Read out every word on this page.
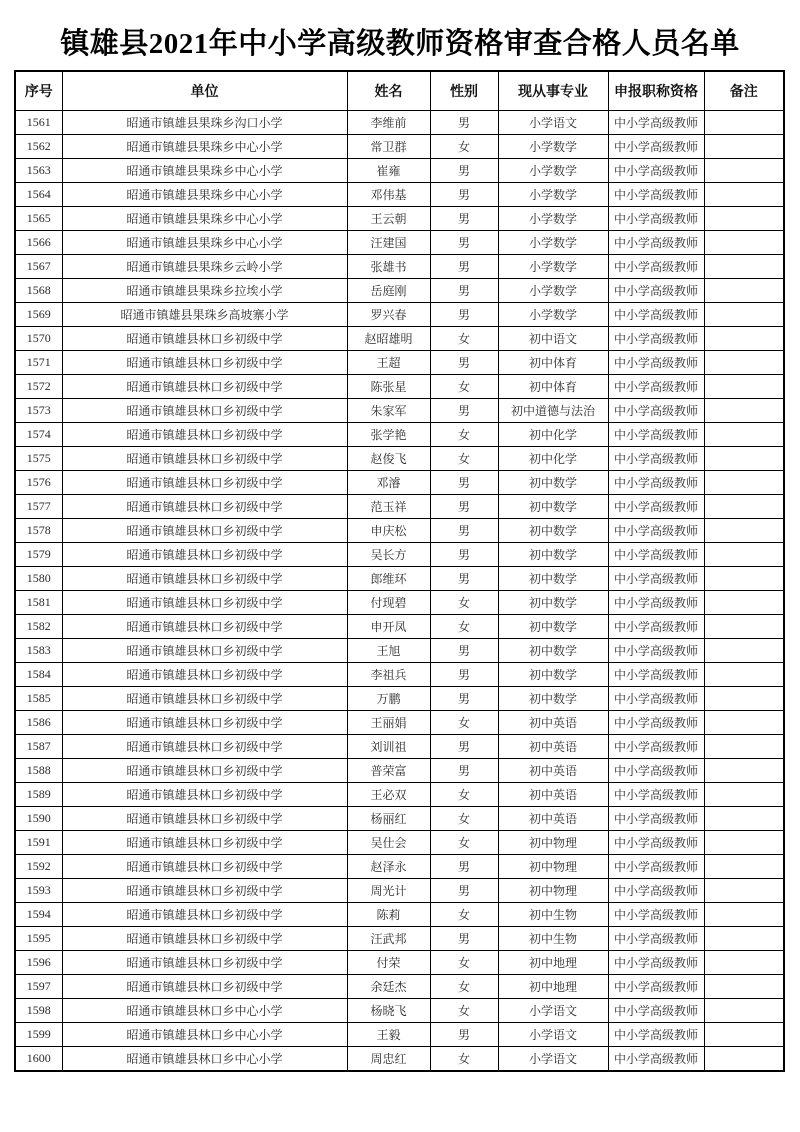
镇雄县2021年中小学高级教师资格审查合格人员名单
序号	单位	姓名	性别	现从事专业	申报职称资格	备注
1561	昭通市镇雄县果珠乡沟口小学	李维前	男	小学语文	中小学高级教师	
1562	昭通市镇雄县果珠乡中心小学	常卫群	女	小学数学	中小学高级教师	
1563	昭通市镇雄县果珠乡中心小学	崔雍	男	小学数学	中小学高级教师	
1564	昭通市镇雄县果珠乡中心小学	邓伟基	男	小学数学	中小学高级教师	
1565	昭通市镇雄县果珠乡中心小学	王云朝	男	小学数学	中小学高级教师	
1566	昭通市镇雄县果珠乡中心小学	汪建国	男	小学数学	中小学高级教师	
1567	昭通市镇雄县果珠乡云岭小学	张雄书	男	小学数学	中小学高级教师	
1568	昭通市镇雄县果珠乡拉埃小学	岳庭刚	男	小学数学	中小学高级教师	
1569	昭通市镇雄县果珠乡高坡寨小学	罗兴春	男	小学数学	中小学高级教师	
1570	昭通市镇雄县林口乡初级中学	赵昭雄明	女	初中语文	中小学高级教师	
1571	昭通市镇雄县林口乡初级中学	王超	男	初中体育	中小学高级教师	
1572	昭通市镇雄县林口乡初级中学	陈张星	女	初中体育	中小学高级教师	
1573	昭通市镇雄县林口乡初级中学	朱家军	男	初中道德与法治	中小学高级教师	
1574	昭通市镇雄县林口乡初级中学	张学艳	女	初中化学	中小学高级教师	
1575	昭通市镇雄县林口乡初级中学	赵俊飞	女	初中化学	中小学高级教师	
1576	昭通市镇雄县林口乡初级中学	邓濬	男	初中数学	中小学高级教师	
1577	昭通市镇雄县林口乡初级中学	范玉祥	男	初中数学	中小学高级教师	
1578	昭通市镇雄县林口乡初级中学	申庆松	男	初中数学	中小学高级教师	
1579	昭通市镇雄县林口乡初级中学	吴长方	男	初中数学	中小学高级教师	
1580	昭通市镇雄县林口乡初级中学	郎维环	男	初中数学	中小学高级教师	
1581	昭通市镇雄县林口乡初级中学	付现碧	女	初中数学	中小学高级教师	
1582	昭通市镇雄县林口乡初级中学	申开凤	女	初中数学	中小学高级教师	
1583	昭通市镇雄县林口乡初级中学	王旭	男	初中数学	中小学高级教师	
1584	昭通市镇雄县林口乡初级中学	李祖兵	男	初中数学	中小学高级教师	
1585	昭通市镇雄县林口乡初级中学	万鹏	男	初中数学	中小学高级教师	
1586	昭通市镇雄县林口乡初级中学	王丽娟	女	初中英语	中小学高级教师	
1587	昭通市镇雄县林口乡初级中学	刘训祖	男	初中英语	中小学高级教师	
1588	昭通市镇雄县林口乡初级中学	普荣富	男	初中英语	中小学高级教师	
1589	昭通市镇雄县林口乡初级中学	王必双	女	初中英语	中小学高级教师	
1590	昭通市镇雄县林口乡初级中学	杨丽红	女	初中英语	中小学高级教师	
1591	昭通市镇雄县林口乡初级中学	吴仕会	女	初中物理	中小学高级教师	
1592	昭通市镇雄县林口乡初级中学	赵泽永	男	初中物理	中小学高级教师	
1593	昭通市镇雄县林口乡初级中学	周光计	男	初中物理	中小学高级教师	
1594	昭通市镇雄县林口乡初级中学	陈莉	女	初中生物	中小学高级教师	
1595	昭通市镇雄县林口乡初级中学	汪武邦	男	初中生物	中小学高级教师	
1596	昭通市镇雄县林口乡初级中学	付荣	女	初中地理	中小学高级教师	
1597	昭通市镇雄县林口乡初级中学	余廷杰	女	初中地理	中小学高级教师	
1598	昭通市镇雄县林口乡中心小学	杨晓飞	女	小学语文	中小学高级教师	
1599	昭通市镇雄县林口乡中心小学	王毅	男	小学语文	中小学高级教师	
1600	昭通市镇雄县林口乡中心小学	周忠红	女	小学语文	中小学高级教师	
